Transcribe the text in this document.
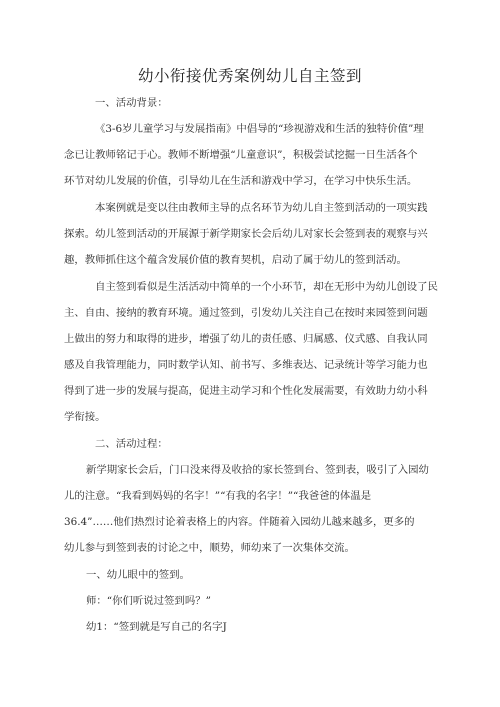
幼小衔接优秀案例幼儿自主签到
一、活动背景：
《3-6岁儿童学习与发展指南》中倡导的“珍视游戏和生活的独特价值”理
念已让教师铭记于心。教师不断增强“儿童意识”，积极尝试挖掘一日生活各个
环节对幼儿发展的价值，引导幼儿在生活和游戏中学习，在学习中快乐生活。
本案例就是变以往由教师主导的点名环节为幼儿自主签到活动的一项实践
探索。幼儿签到活动的开展源于新学期家长会后幼儿对家长会签到表的观察与兴
趣，教师抓住这个蕴含发展价值的教育契机，启动了属于幼儿的签到活动。
自主签到看似是生活活动中简单的一个小环节，却在无形中为幼儿创设了民
主、自由、接纳的教育环境。通过签到，引发幼儿关注自己在按时来园签到问题
上做出的努力和取得的进步，增强了幼儿的责任感、归属感、仪式感、自我认同
感及自我管理能力，同时数学认知、前书写、多维表达、记录统计等学习能力也
得到了进一步的发展与提高，促进主动学习和个性化发展需要，有效助力幼小科
学衔接。
二、活动过程：
新学期家长会后，门口没来得及收拾的家长签到台、签到表，吸引了入园幼
儿的注意。“我看到妈妈的名字！”“有我的名字！”“我爸爸的体温是
36.4”……他们热烈讨论着表格上的内容。伴随着入园幼儿越来越多，更多的
幼儿参与到签到表的讨论之中，顺势，师幼来了一次集体交流。
一、幼儿眼中的签到。
师：“你们听说过签到吗？”
幼1：“签到就是写自己的名字J
